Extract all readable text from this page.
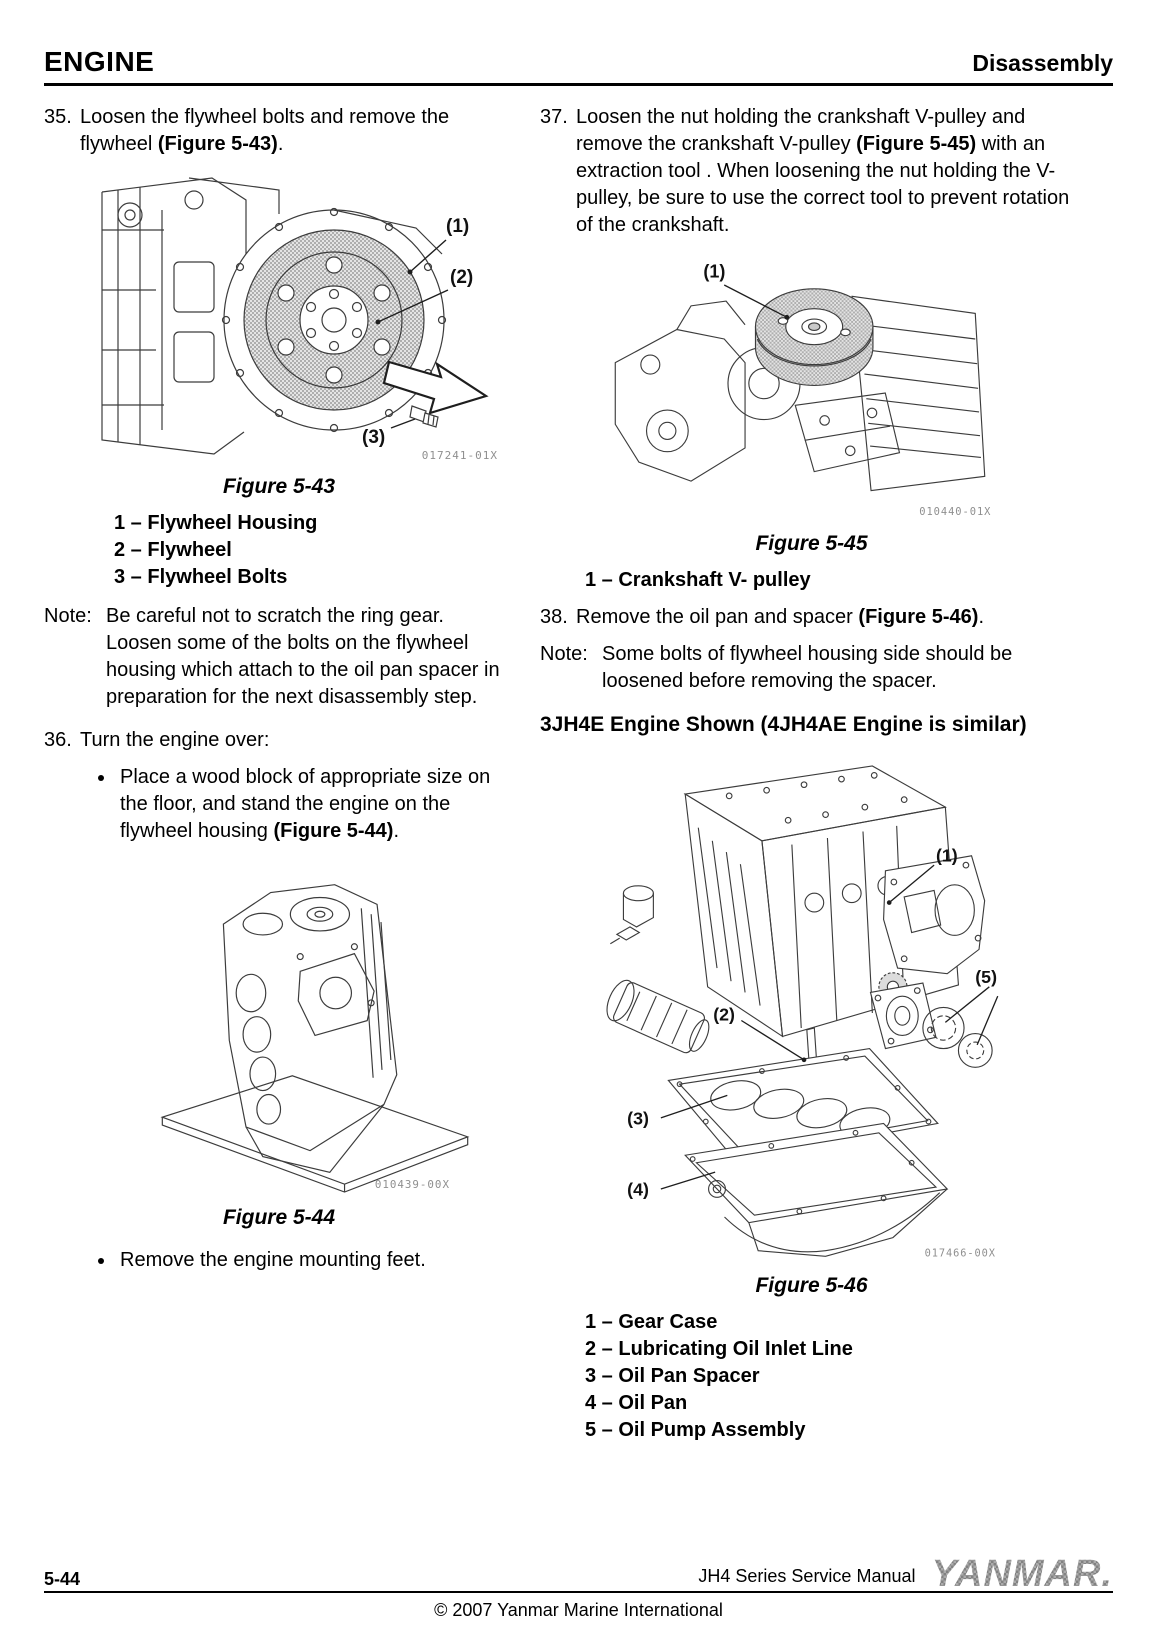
ENGINE	Disassembly
35. Loosen the flywheel bolts and remove the flywheel (Figure 5-43).
(1)
(2)
(3)
017241-01X
Figure 5-43
1 – Flywheel Housing
2 – Flywheel
3 – Flywheel Bolts
Note: Be careful not to scratch the ring gear. Loosen some of the bolts on the flywheel housing which attach to the oil pan spacer in preparation for the next disassembly step.
36. Turn the engine over:
• Place a wood block of appropriate size on the floor, and stand the engine on the flywheel housing (Figure 5-44).
010439-00X
Figure 5-44
• Remove the engine mounting feet.
37. Loosen the nut holding the crankshaft V-pulley and remove the crankshaft V-pulley (Figure 5-45) with an extraction tool . When loosening the nut holding the V-pulley, be sure to use the correct tool to prevent rotation of the crankshaft.
(1)
010440-01X
Figure 5-45
1 – Crankshaft V- pulley
38. Remove the oil pan and spacer (Figure 5-46).
Note: Some bolts of flywheel housing side should be loosened before removing the spacer.
3JH4E Engine Shown (4JH4AE Engine is similar)
(1)
(2)
(3)
(4)
(5)
017466-00X
Figure 5-46
1 – Gear Case
2 – Lubricating Oil Inlet Line
3 – Oil Pan Spacer
4 – Oil Pan
5 – Oil Pump Assembly
5-44	JH4 Series Service Manual YANMAR.
© 2007 Yanmar Marine International
